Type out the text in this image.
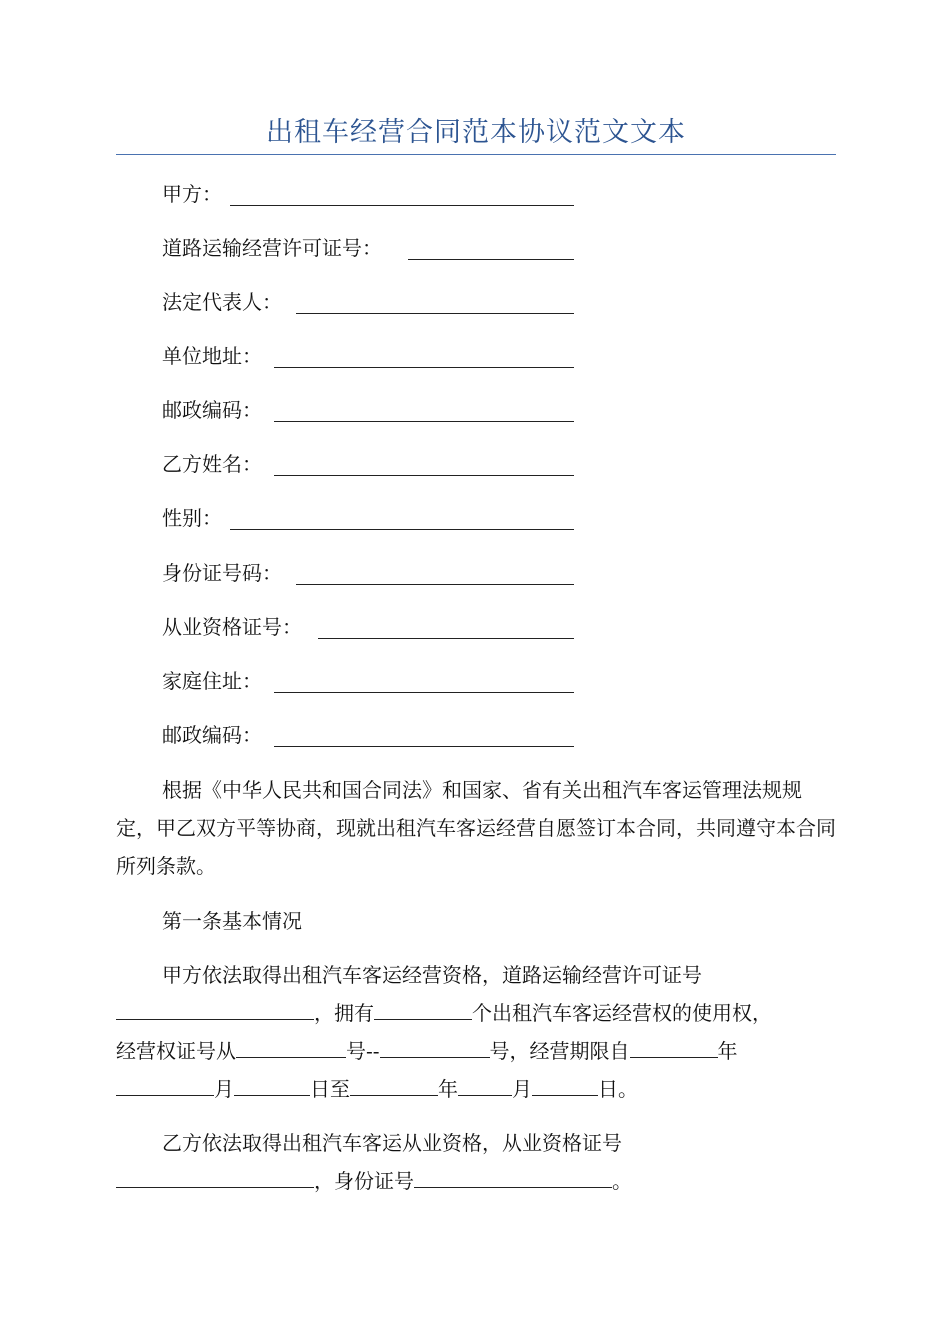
出租车经营合同范本协议范文文本
甲方：
道路运输经营许可证号：
法定代表人：
单位地址：
邮政编码：
乙方姓名：
性别：
身份证号码：
从业资格证号：
家庭住址：
邮政编码：

根据《中华人民共和国合同法》和国家、省有关出租汽车客运管理法规规定，甲乙双方平等协商，现就出租汽车客运经营自愿签订本合同，共同遵守本合同所列条款。

第一条基本情况
甲方依法取得出租汽车客运经营资格，道路运输经营许可证号
，拥有	个出租汽车客运经营权的使用权，
经营权证号从	号--	号，经营期限自	年
月	日至	年	月	日。
乙方依法取得出租汽车客运从业资格，从业资格证号
，身份证号	。
